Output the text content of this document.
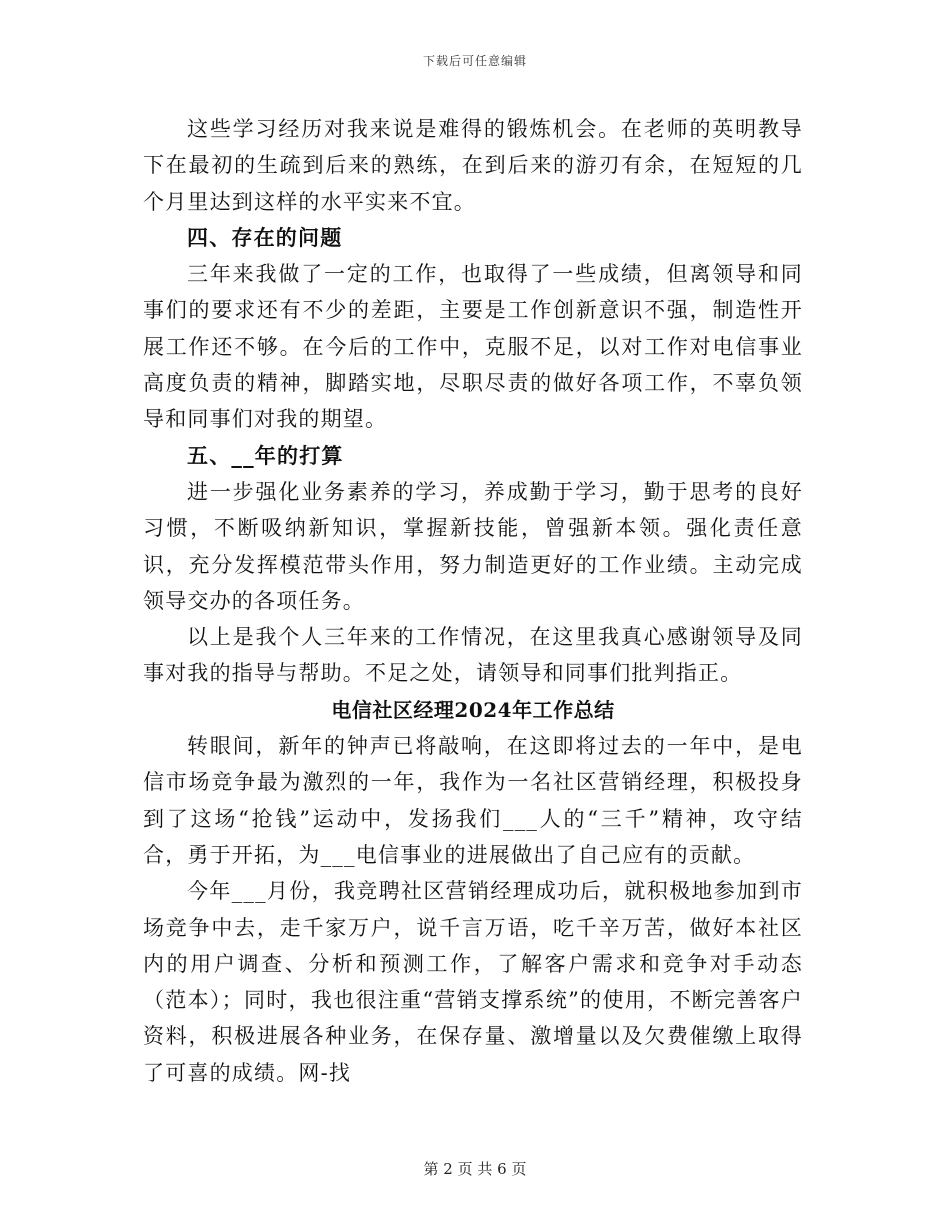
下载后可任意编辑

这些学习经历对我来说是难得的锻炼机会。在老师的英明教导下在最初的生疏到后来的熟练，在到后来的游刃有余，在短短的几个月里达到这样的水平实来不宜。

四、存在的问题

三年来我做了一定的工作，也取得了一些成绩，但离领导和同事们的要求还有不少的差距，主要是工作创新意识不强，制造性开展工作还不够。在今后的工作中，克服不足，以对工作对电信事业高度负责的精神，脚踏实地，尽职尽责的做好各项工作，不辜负领导和同事们对我的期望。

五、__年的打算

进一步强化业务素养的学习，养成勤于学习，勤于思考的良好习惯，不断吸纳新知识，掌握新技能，曾强新本领。强化责任意识，充分发挥模范带头作用，努力制造更好的工作业绩。主动完成领导交办的各项任务。

以上是我个人三年来的工作情况，在这里我真心感谢领导及同事对我的指导与帮助。不足之处，请领导和同事们批判指正。

电信社区经理2024年工作总结

转眼间，新年的钟声已将敲响，在这即将过去的一年中，是电信市场竞争最为激烈的一年，我作为一名社区营销经理，积极投身到了这场“抢钱”运动中，发扬我们___人的“三千”精神，攻守结合，勇于开拓，为___电信事业的进展做出了自己应有的贡献。

今年___月份，我竞聘社区营销经理成功后，就积极地参加到市场竞争中去，走千家万户，说千言万语，吃千辛万苦，做好本社区内的用户调查、分析和预测工作，了解客户需求和竞争对手动态（范本）；同时，我也很注重“营销支撑系统”的使用，不断完善客户资料，积极进展各种业务，在保存量、激增量以及欠费催缴上取得了可喜的成绩。网-找

第 2 页 共 6 页
